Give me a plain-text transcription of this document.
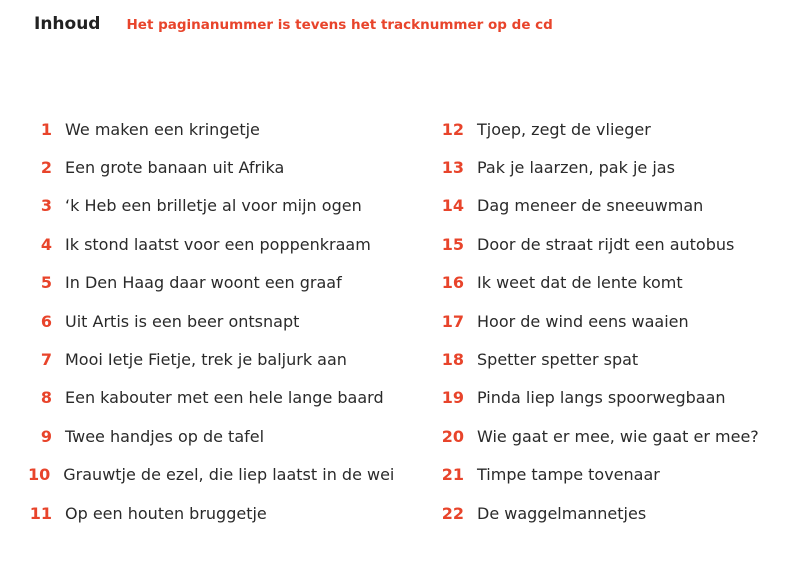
Inhoud Het paginanummer is tevens het tracknummer op de cd
1 We maken een kringetje
2 Een grote banaan uit Afrika
3 ‘k Heb een brilletje al voor mijn ogen
4 Ik stond laatst voor een poppenkraam
5 In Den Haag daar woont een graaf
6 Uit Artis is een beer ontsnapt
7 Mooi Ietje Fietje, trek je baljurk aan
8 Een kabouter met een hele lange baard
9 Twee handjes op de tafel
10 Grauwtje de ezel, die liep laatst in de wei
11 Op een houten bruggetje
12 Tjoep, zegt de vlieger
13 Pak je laarzen, pak je jas
14 Dag meneer de sneeuwman
15 Door de straat rijdt een autobus
16 Ik weet dat de lente komt
17 Hoor de wind eens waaien
18 Spetter spetter spat
19 Pinda liep langs spoorwegbaan
20 Wie gaat er mee, wie gaat er mee?
21 Timpe tampe tovenaar
22 De waggelmannetjes
